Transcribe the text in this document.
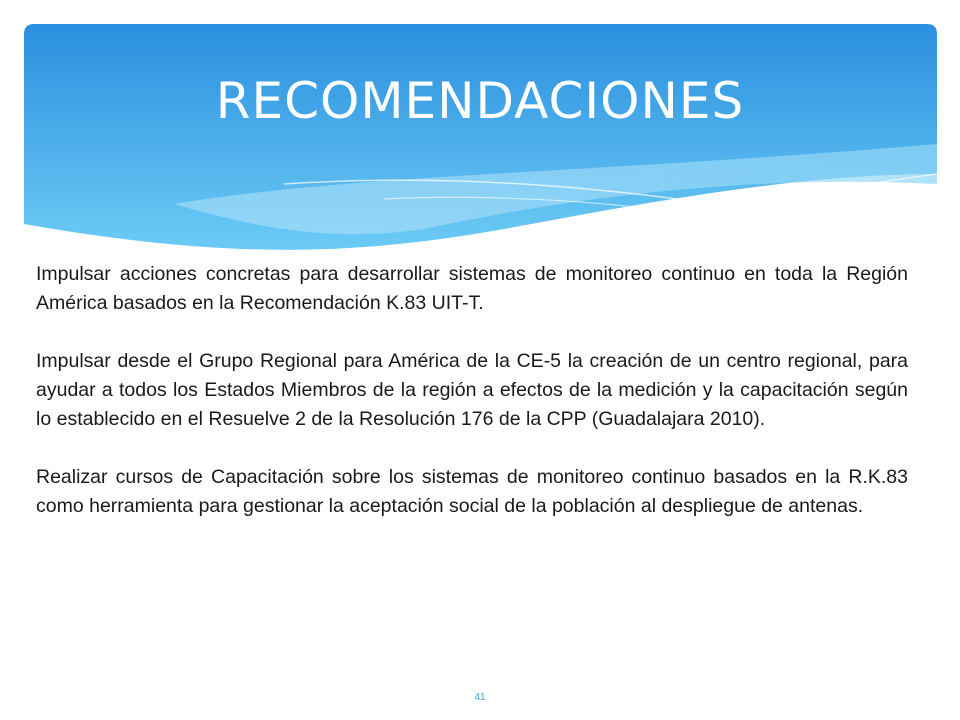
RECOMENDACIONES

Impulsar acciones concretas para desarrollar sistemas de monitoreo continuo en toda la Región América basados en la Recomendación K.83 UIT-T.

Impulsar desde el Grupo Regional para América de la CE-5 la creación de un centro regional, para ayudar a todos los Estados Miembros de la región a efectos de la medición y la capacitación según lo establecido en el Resuelve 2 de la Resolución 176 de la CPP (Guadalajara 2010).

Realizar cursos de Capacitación sobre los sistemas de monitoreo continuo basados en la R.K.83 como herramienta para gestionar la aceptación social de la población al despliegue de antenas.

41
